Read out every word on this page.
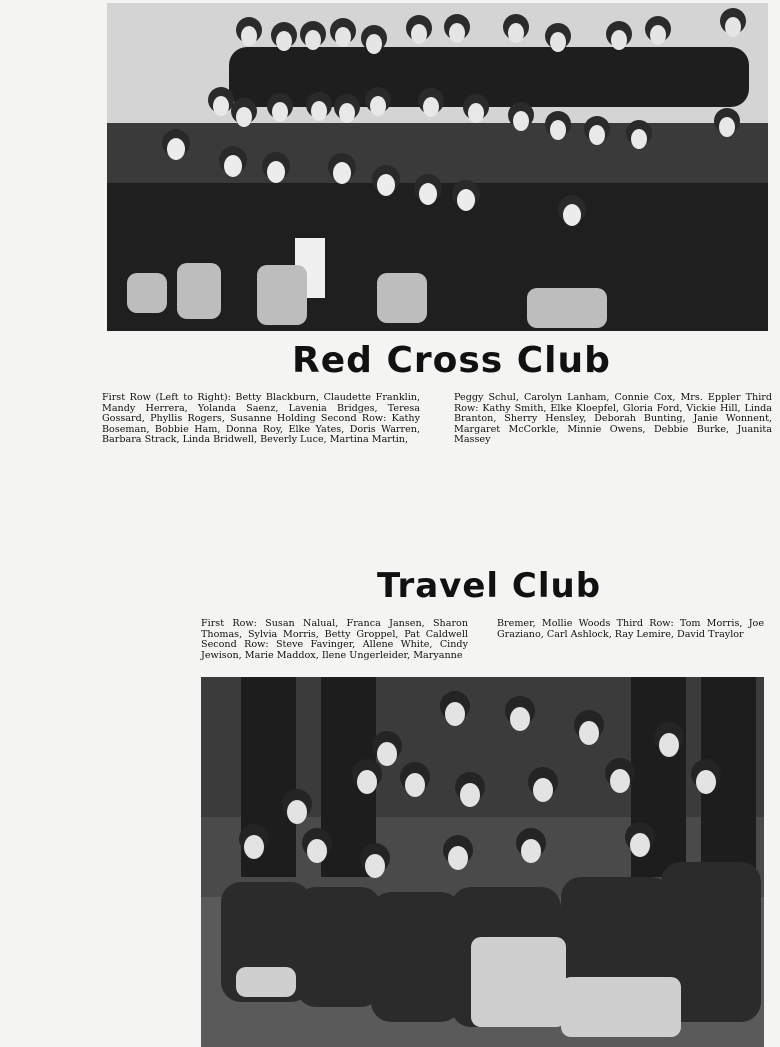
Red Cross Club
First Row (Left to Right): Betty Blackburn, Claudette Franklin, Mandy Herrera, Yolanda Saenz, Lavenia Bridges, Teresa Gossard, Phyllis Rogers, Susanne Holding Second Row: Kathy Boseman, Bobbie Ham, Donna Roy, Elke Yates, Doris Warren, Barbara Strack, Linda Bridwell, Beverly Luce, Martina Martin,
Peggy Schul, Carolyn Lanham, Connie Cox, Mrs. Eppler Third Row: Kathy Smith, Elke Kloepfel, Gloria Ford, Vickie Hill, Linda Branton, Sherry Hensley, Deborah Bunting, Janie Wonnent, Margaret McCorkle, Minnie Owens, Debbie Burke, Juanita Massey
Travel Club
First Row: Susan Nalual, Franca Jansen, Sharon Thomas, Sylvia Morris, Betty Groppel, Pat Caldwell Second Row: Steve Favinger, Allene White, Cindy Jewison, Marie Maddox, Ilene Ungerleider, Maryanne
Bremer, Mollie Woods Third Row: Tom Morris, Joe Graziano, Carl Ashlock, Ray Lemire, David Traylor
